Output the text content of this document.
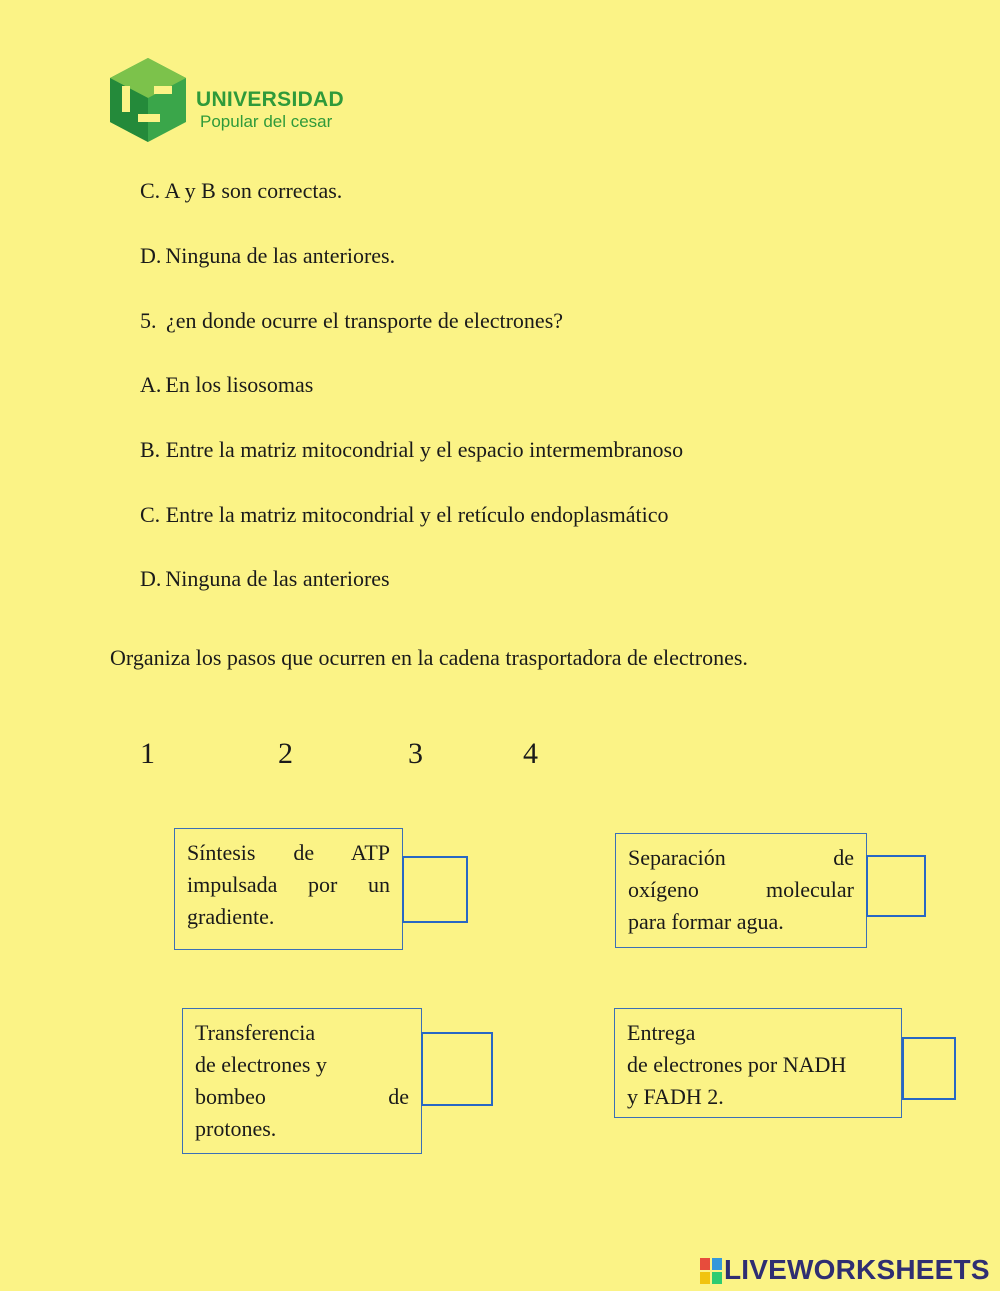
UNIVERSIDAD
Popular del cesar
C. A y B son correctas.
D. Ninguna de las anteriores.
5. ¿en donde ocurre el transporte de electrones?
A. En los lisosomas
B. Entre la matriz mitocondrial y el espacio intermembranoso
C. Entre la matriz mitocondrial y el retículo endoplasmático
D. Ninguna de las anteriores
Organiza los pasos que ocurren en la cadena trasportadora de electrones.
1	2	3	4

Síntesis de ATP

impulsada por un

gradiente.

Separación de

oxígeno molecular

para formar agua.

Transferencia

de electrones y

bombeo de

protones.

Entrega

de electrones por NADH

y FADH 2.

LIVEWORKSHEETS
